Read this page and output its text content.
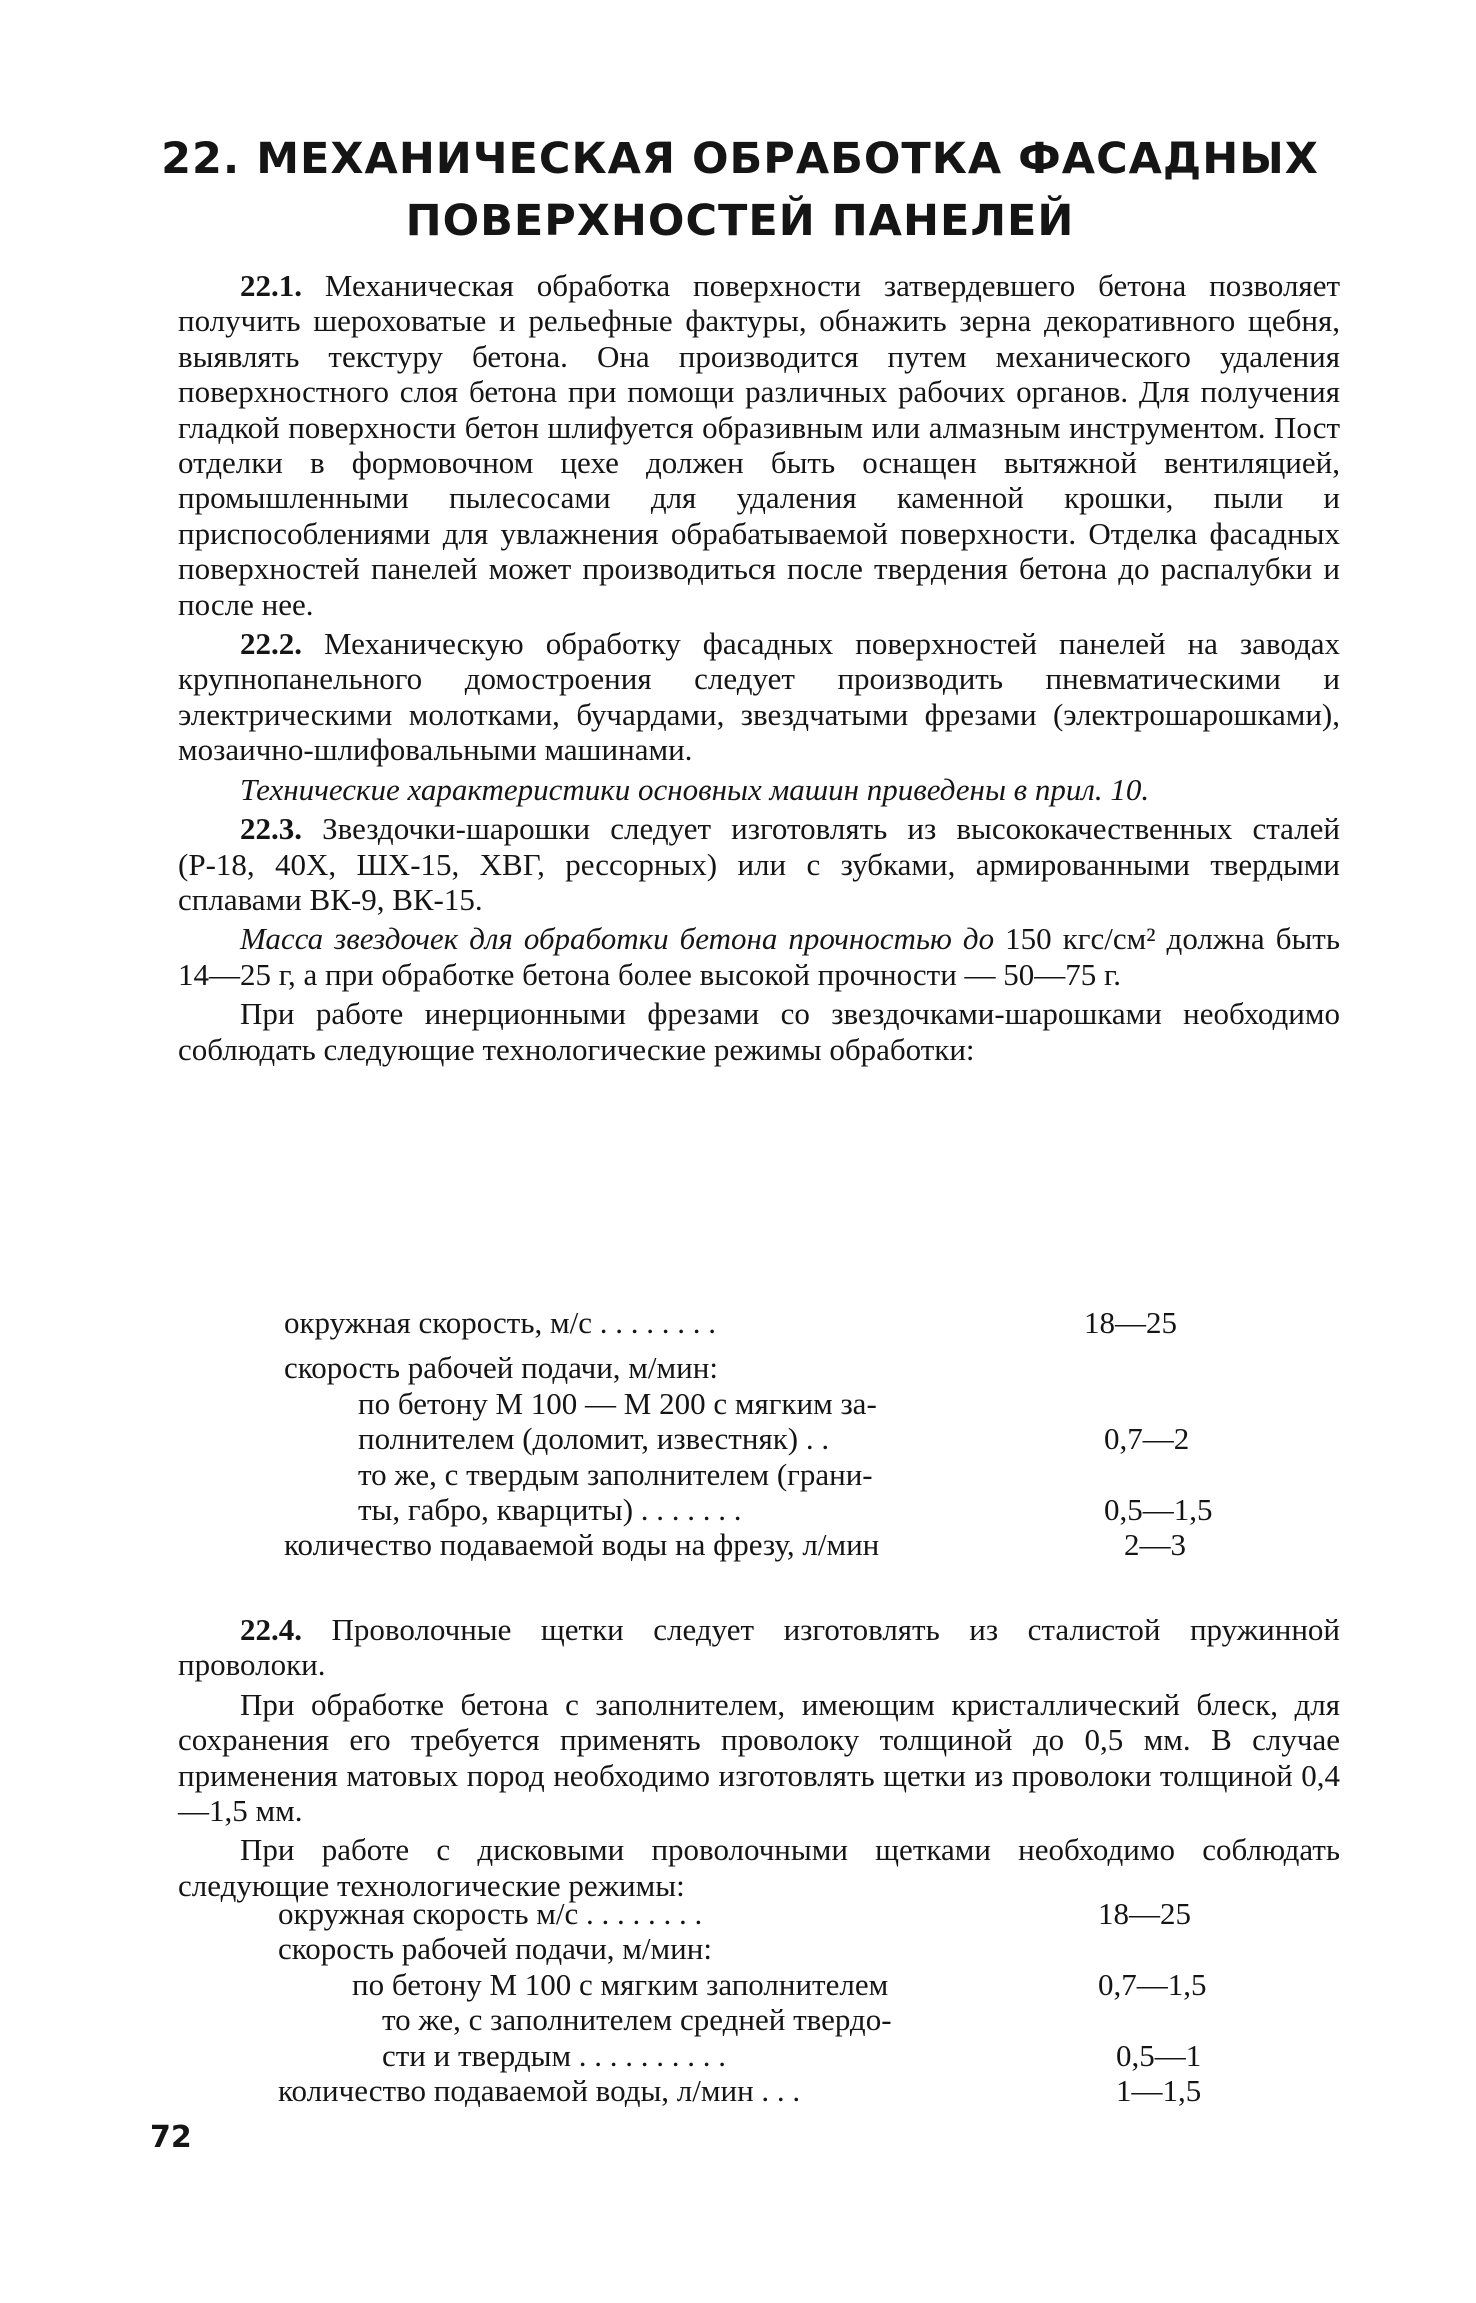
22. МЕХАНИЧЕСКАЯ ОБРАБОТКА ФАСАДНЫХ
ПОВЕРХНОСТЕЙ ПАНЕЛЕЙ

22.1. Механическая обработка поверхности затвердевшего бетона позволяет получить шероховатые и рельефные фактуры, обнажить зерна декоративного щебня, выявлять текстуру бетона. Она производится путем механического удаления поверхностного слоя бетона при помощи различных рабочих органов. Для получения гладкой поверхности бетон шлифуется образивным или алмазным инструментом. Пост отделки в формовочном цехе должен быть оснащен вытяжной вентиляцией, промышленными пылесосами для удаления каменной крошки, пыли и приспособлениями для увлажнения обрабатываемой поверхности. Отделка фасадных поверхностей панелей может производиться после твердения бетона до распалубки и после нее.

22.2. Механическую обработку фасадных поверхностей панелей на заводах крупнопанельного домостроения следует производить пневматическими и электрическими молотками, бучардами, звездчатыми фрезами (электрошарошками), мозаично-шлифовальными машинами.

Технические характеристики основных машин приведены в прил. 10.

22.3. Звездочки-шарошки следует изготовлять из высококачественных сталей (Р-18, 40Х, ШХ-15, ХВГ, рессорных) или с зубками, армированными твердыми сплавами ВК-9, ВК-15.

Масса звездочек для обработки бетона прочностью до 150 кгс/см² должна быть 14—25 г, а при обработке бетона более высокой прочности — 50—75 г.

При работе инерционными фрезами со звездочками-шарошками необходимо соблюдать следующие технологические режимы обработки:

окружная скорость, м/с . . . . . . . .	18—25

скорость рабочей подачи, м/мин:	
по бетону М 100 — М 200 с мягким за-	
полнителем (доломит, известняк) . .	0,7—2
то же, с твердым заполнителем (грани-	
ты, габро, кварциты) . . . . . . .	0,5—1,5
количество подаваемой воды на фрезу, л/мин	2—3

22.4. Проволочные щетки следует изготовлять из сталистой пружинной проволоки.

При обработке бетона с заполнителем, имеющим кристаллический блеск, для сохранения его требуется применять проволоку толщиной до 0,5 мм. В случае применения матовых пород необходимо изготовлять щетки из проволоки толщиной 0,4—1,5 мм.

При работе с дисковыми проволочными щетками необходимо соблюдать следующие технологические режимы:

окружная скорость м/с . . . . . . . .	18—25
скорость рабочей подачи, м/мин:	
по бетону М 100 с мягким заполнителем	0,7—1,5
то же, с заполнителем средней твердо-	
сти и твердым . . . . . . . . . .	0,5—1
количество подаваемой воды, л/мин . . .	1—1,5
72
